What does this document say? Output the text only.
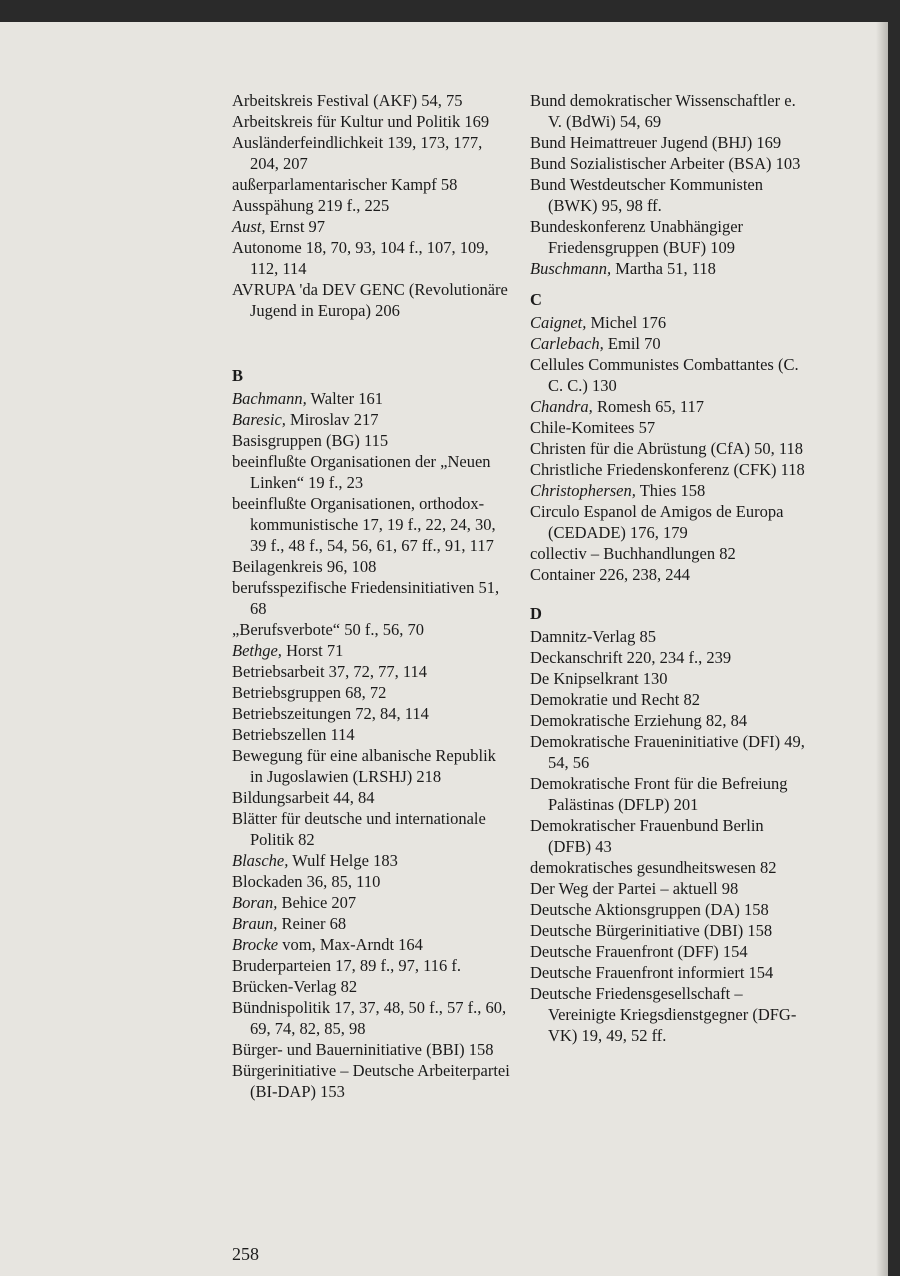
Arbeitskreis Festival (AKF) 54, 75

Arbeitskreis für Kultur und Politik 169

Ausländerfeindlichkeit 139, 173, 177, 204, 207

außerparlamentarischer Kampf 58

Ausspähung 219 f., 225

Aust, Ernst 97

Autonome 18, 70, 93, 104 f., 107, 109, 112, 114

AVRUPA 'da DEV GENC (Revolutionäre Jugend in Europa) 206

B

Bachmann, Walter 161

Baresic, Miroslav 217

Basisgruppen (BG) 115

beeinflußte Organisationen der „Neuen Linken“ 19 f., 23

beeinflußte Organisationen, orthodox-kommunistische 17, 19 f., 22, 24, 30, 39 f., 48 f., 54, 56, 61, 67 ff., 91, 117

Beilagenkreis 96, 108

berufsspezifische Friedensinitiativen 51, 68

„Berufsverbote“ 50 f., 56, 70

Bethge, Horst 71

Betriebsarbeit 37, 72, 77, 114

Betriebsgruppen 68, 72

Betriebszeitungen 72, 84, 114

Betriebszellen 114

Bewegung für eine albanische Republik in Jugoslawien (LRSHJ) 218

Bildungsarbeit 44, 84

Blätter für deutsche und internationale Politik 82

Blasche, Wulf Helge 183

Blockaden 36, 85, 110

Boran, Behice 207

Braun, Reiner 68

Brocke vom, Max-Arndt 164

Bruderparteien 17, 89 f., 97, 116 f.

Brücken-Verlag 82

Bündnispolitik 17, 37, 48, 50 f., 57 f., 60, 69, 74, 82, 85, 98

Bürger- und Bauerninitiative (BBI) 158

Bürgerinitiative – Deutsche Arbeiterpartei (BI-DAP) 153

Bund demokratischer Wissenschaftler e. V. (BdWi) 54, 69

Bund Heimattreuer Jugend (BHJ) 169

Bund Sozialistischer Arbeiter (BSA) 103

Bund Westdeutscher Kommunisten (BWK) 95, 98 ff.

Bundeskonferenz Unabhängiger Friedensgruppen (BUF) 109

Buschmann, Martha 51, 118

C

Caignet, Michel 176

Carlebach, Emil 70

Cellules Communistes Combattantes (C. C. C.) 130

Chandra, Romesh 65, 117

Chile-Komitees 57

Christen für die Abrüstung (CfA) 50, 118

Christliche Friedenskonferenz (CFK) 118

Christophersen, Thies 158

Circulo Espanol de Amigos de Europa (CEDADE) 176, 179

collectiv – Buchhandlungen 82

Container 226, 238, 244

D

Damnitz-Verlag 85

Deckanschrift 220, 234 f., 239

De Knipselkrant 130

Demokratie und Recht 82

Demokratische Erziehung 82, 84

Demokratische Fraueninitiative (DFI) 49, 54, 56

Demokratische Front für die Befreiung Palästinas (DFLP) 201

Demokratischer Frauenbund Berlin (DFB) 43

demokratisches gesundheitswesen 82

Der Weg der Partei – aktuell 98

Deutsche Aktionsgruppen (DA) 158

Deutsche Bürgerinitiative (DBI) 158

Deutsche Frauenfront (DFF) 154

Deutsche Frauenfront informiert 154

Deutsche Friedensgesellschaft – Vereinigte Kriegsdienstgegner (DFG-VK) 19, 49, 52 ff.

258
